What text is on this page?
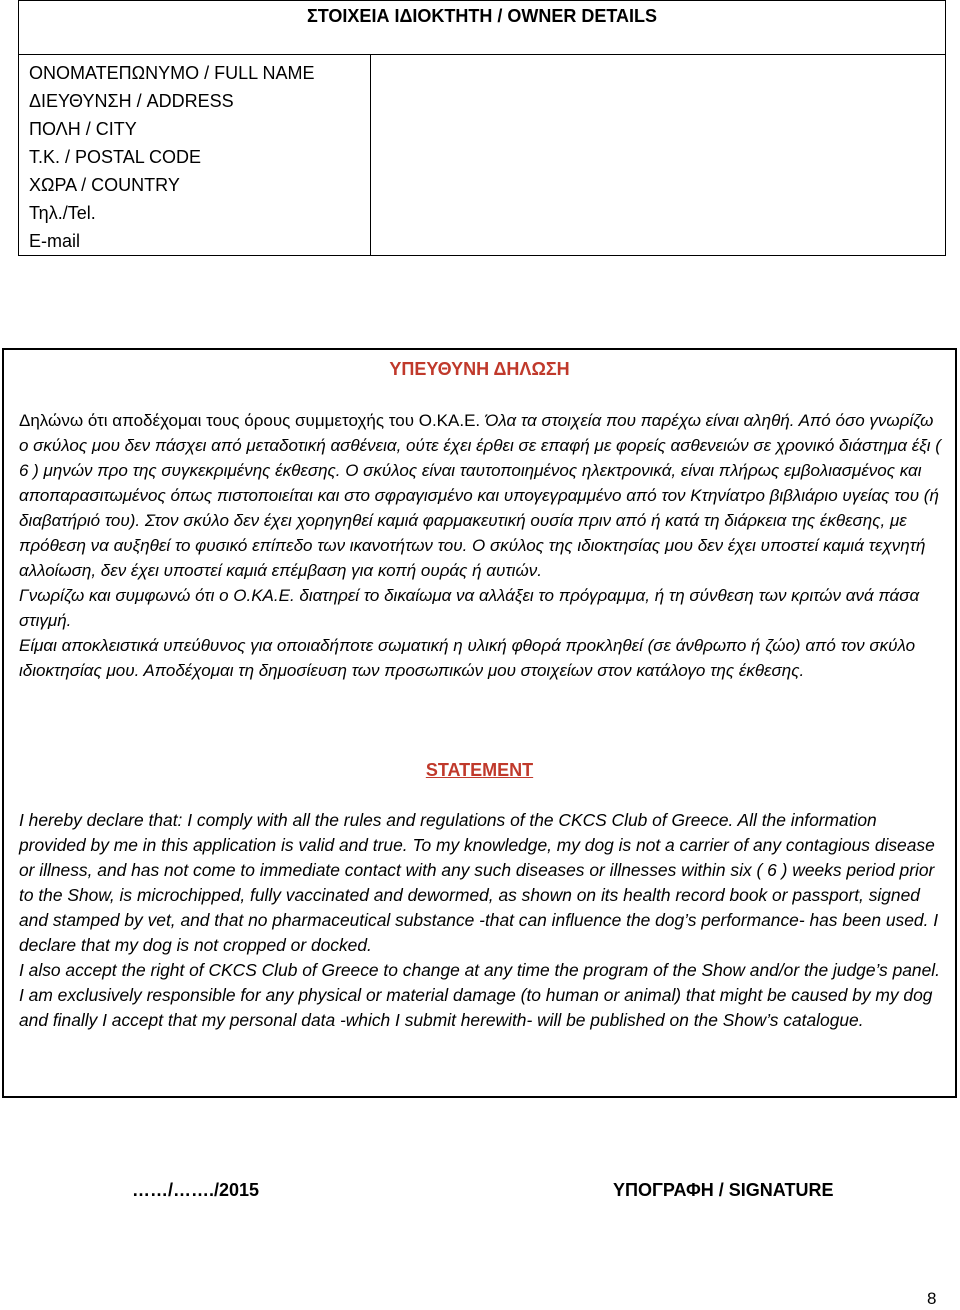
ΣΤΟΙΧΕΙΑ ΙΔΙΟΚΤΗΤΗ / OWNER DETAILS
ΟΝΟΜΑΤΕΠΩΝΥΜΟ / FULL NAME
ΔΙΕΥΘΥΝΣΗ / ADDRESS
ΠΟΛΗ / CITY
Τ.Κ. / POSTAL CODE
ΧΩΡΑ / COUNTRY
Τηλ./Tel.
E-mail
ΥΠΕΥΘΥΝΗ ΔΗΛΩΣΗ
Δηλώνω ότι αποδέχομαι τους όρους συμμετοχής του Ο.ΚΑ.Ε. Όλα τα στοιχεία που παρέχω είναι αληθή. Από όσο γνωρίζω ο σκύλος μου δεν πάσχει από μεταδοτική ασθένεια, ούτε έχει έρθει σε επαφή με φορείς ασθενειών σε χρονικό διάστημα έξι ( 6 ) μηνών προ της συγκεκριμένης έκθεσης. Ο σκύλος είναι ταυτοποιημένος ηλεκτρονικά, είναι πλήρως εμβολιασμένος και αποπαρασιτωμένος όπως πιστοποιείται και στο σφραγισμένο και υπογεγραμμένο από τον Κτηνίατρο βιβλιάριο υγείας του (ή διαβατήριό του). Στον σκύλο δεν έχει χορηγηθεί καμιά φαρμακευτική ουσία πριν από ή κατά τη διάρκεια της έκθεσης, με πρόθεση να αυξηθεί το φυσικό επίπεδο των ικανοτήτων του. Ο σκύλος της ιδιοκτησίας μου δεν έχει υποστεί καμιά τεχνητή αλλοίωση, δεν έχει υποστεί καμιά επέμβαση για κοπή ουράς ή αυτιών.
Γνωρίζω και συμφωνώ ότι ο Ο.ΚΑ.Ε. διατηρεί το δικαίωμα να αλλάξει το πρόγραμμα, ή τη σύνθεση των κριτών ανά πάσα στιγμή.
Είμαι αποκλειστικά υπεύθυνος για οποιαδήποτε σωματική η υλική φθορά προκληθεί (σε άνθρωπο ή ζώο) από τον σκύλο ιδιοκτησίας μου. Αποδέχομαι τη δημοσίευση των προσωπικών μου στοιχείων στον κατάλογο της έκθεσης.
STATEMENT
I hereby declare that: I comply with all the rules and regulations of the CKCS Club of Greece. All the information provided by me in this application is valid and true. To my knowledge, my dog is not a carrier of any contagious disease or illness, and has not come to immediate contact with any such diseases or illnesses within six ( 6 ) weeks period prior to the Show, is microchipped, fully vaccinated and dewormed, as shown on its health record book or passport, signed and stamped by vet, and that no pharmaceutical substance -that can influence the dog’s performance- has been used. I declare that my dog is not cropped or docked.
I also accept the right of CKCS Club of Greece to change at any time the program of the Show and/or the judge’s panel. I am exclusively responsible for any physical or material damage (to human or animal) that might be caused by my dog and finally I accept that my personal data -which I submit herewith- will be published on the Show’s catalogue.
……/……./2015	ΥΠΟΓΡΑΦΗ / SIGNATURE
8
